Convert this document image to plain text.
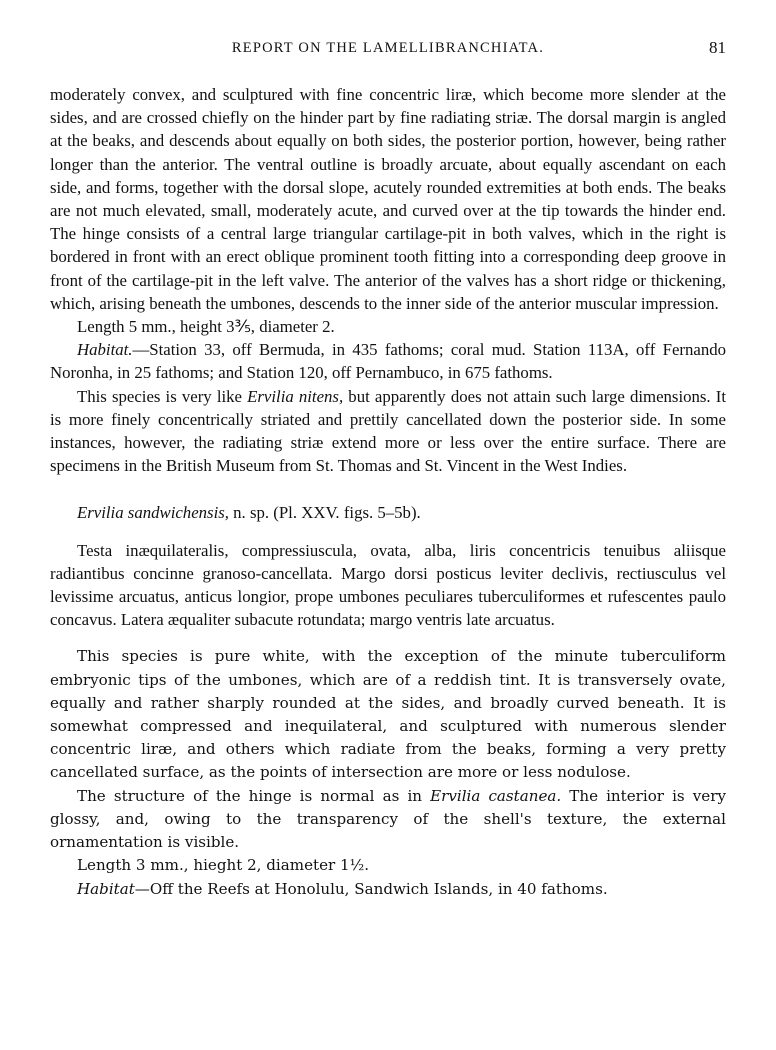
REPORT ON THE LAMELLIBRANCHIATA.	81

moderately convex, and sculptured with fine concentric liræ, which become more slender at the sides, and are crossed chiefly on the hinder part by fine radiating striæ. The dorsal margin is angled at the beaks, and descends about equally on both sides, the posterior portion, however, being rather longer than the anterior. The ventral outline is broadly arcuate, about equally ascendant on each side, and forms, together with the dorsal slope, acutely rounded extremities at both ends. The beaks are not much elevated, small, moderately acute, and curved over at the tip towards the hinder end. The hinge consists of a central large triangular cartilage-pit in both valves, which in the right is bordered in front with an erect oblique prominent tooth fitting into a corresponding deep groove in front of the cartilage-pit in the left valve. The anterior of the valves has a short ridge or thickening, which, arising beneath the umbones, descends to the inner side of the anterior muscular impression.

Length 5 mm., height 3⅗, diameter 2.

Habitat.—Station 33, off Bermuda, in 435 fathoms; coral mud. Station 113A, off Fernando Noronha, in 25 fathoms; and Station 120, off Pernambuco, in 675 fathoms.

This species is very like Ervilia nitens, but apparently does not attain such large dimensions. It is more finely concentrically striated and prettily cancellated down the posterior side. In some instances, however, the radiating striæ extend more or less over the entire surface. There are specimens in the British Museum from St. Thomas and St. Vincent in the West Indies.

Ervilia sandwichensis, n. sp. (Pl. XXV. figs. 5–5b).

Testa inæquilateralis, compressiuscula, ovata, alba, liris concentricis tenuibus aliisque radiantibus concinne granoso-cancellata. Margo dorsi posticus leviter declivis, rectiusculus vel levissime arcuatus, anticus longior, prope umbones peculiares tuberculiformes et rufescentes paulo concavus. Latera æqualiter subacute rotundata; margo ventris late arcuatus.

This species is pure white, with the exception of the minute tuberculiform embryonic tips of the umbones, which are of a reddish tint. It is transversely ovate, equally and rather sharply rounded at the sides, and broadly curved beneath. It is somewhat compressed and inequilateral, and sculptured with numerous slender concentric liræ, and others which radiate from the beaks, forming a very pretty cancellated surface, as the points of intersection are more or less nodulose.

The structure of the hinge is normal as in Ervilia castanea. The interior is very glossy, and, owing to the transparency of the shell's texture, the external ornamentation is visible.

Length 3 mm., hieght 2, diameter 1½.

Habitat—Off the Reefs at Honolulu, Sandwich Islands, in 40 fathoms.
